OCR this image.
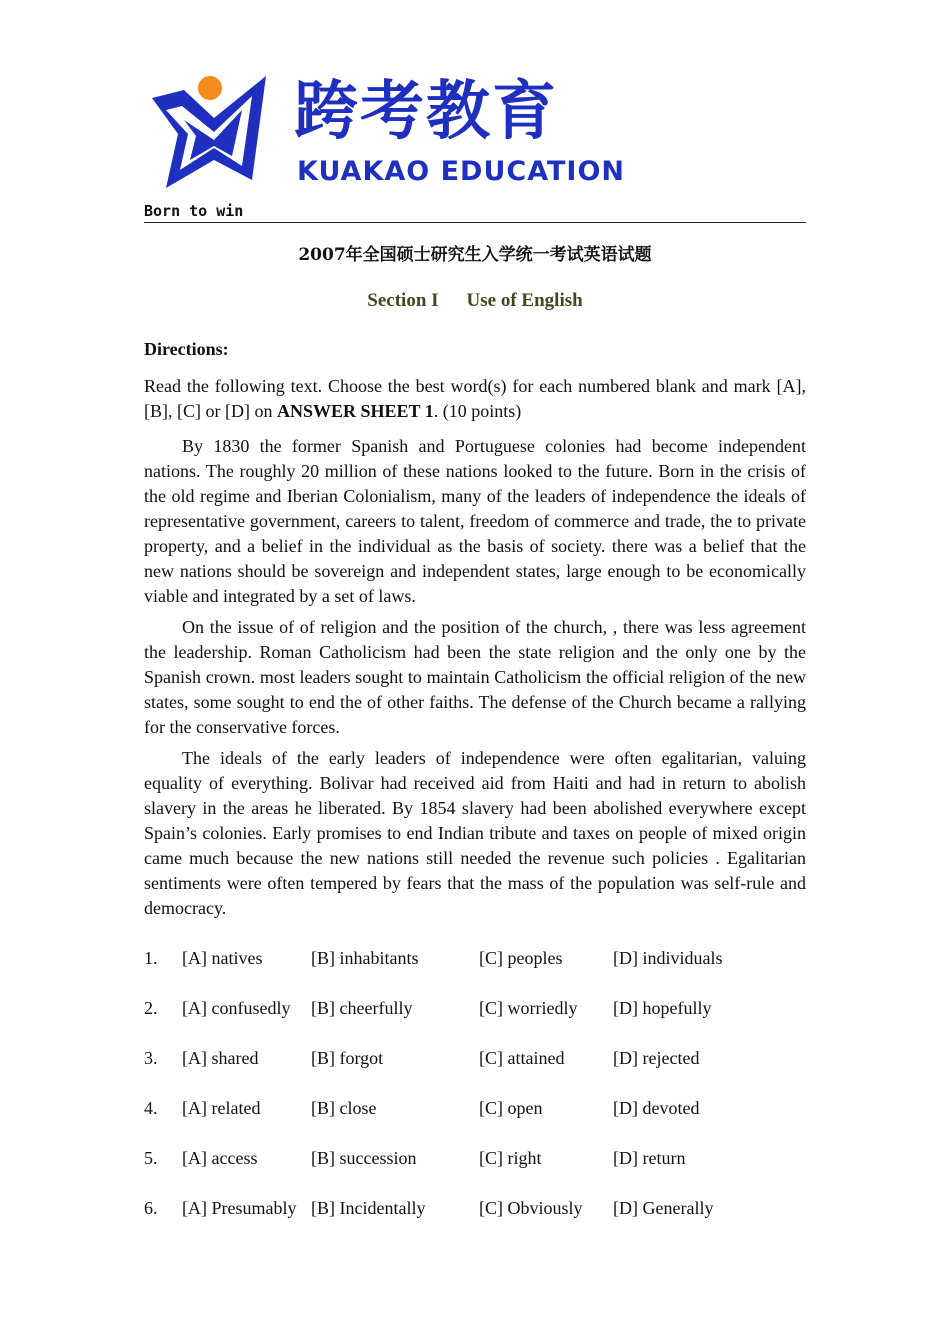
跨考教育
KUAKAO EDUCATION
Born to win
2007年全国硕士研究生入学统一考试英语试题
Section I Use of English

Directions:

Read the following text. Choose the best word(s) for each numbered blank and mark [A], [B], [C] or [D] on ANSWER SHEET 1. (10 points)

By 1830 the former Spanish and Portuguese colonies had become independent nations. The roughly 20 million of these nations looked to the future. Born in the crisis of the old regime and Iberian Colonialism, many of the leaders of independence the ideals of representative government, careers to talent, freedom of commerce and trade, the to private property, and a belief in the individual as the basis of society. there was a belief that the new nations should be sovereign and independent states, large enough to be economically viable and integrated by a set of laws.

On the issue of of religion and the position of the church, , there was less agreement the leadership. Roman Catholicism had been the state religion and the only one by the Spanish crown. most leaders sought to maintain Catholicism the official religion of the new states, some sought to end the of other faiths. The defense of the Church became a rallying for the conservative forces.

The ideals of the early leaders of independence were often egalitarian, valuing equality of everything. Bolivar had received aid from Haiti and had in return to abolish slavery in the areas he liberated. By 1854 slavery had been abolished everywhere except Spain’s colonies. Early promises to end Indian tribute and taxes on people of mixed origin came much because the new nations still needed the revenue such policies . Egalitarian sentiments were often tempered by fears that the mass of the population was self-rule and democracy.

1. [A] natives	[B] inhabitants	[C] peoples	[D] individuals
2. [A] confusedly [B] cheerfully	[C] worriedly [D] hopefully
3. [A] shared	[B] forgot	[C] attained	[D] rejected
4. [A] related	[B] close	[C] open	[D] devoted
5. [A] access	[B] succession	[C] right	[D] return
6. [A] Presumably [B] Incidentally	[C] Obviously [D] Generally
